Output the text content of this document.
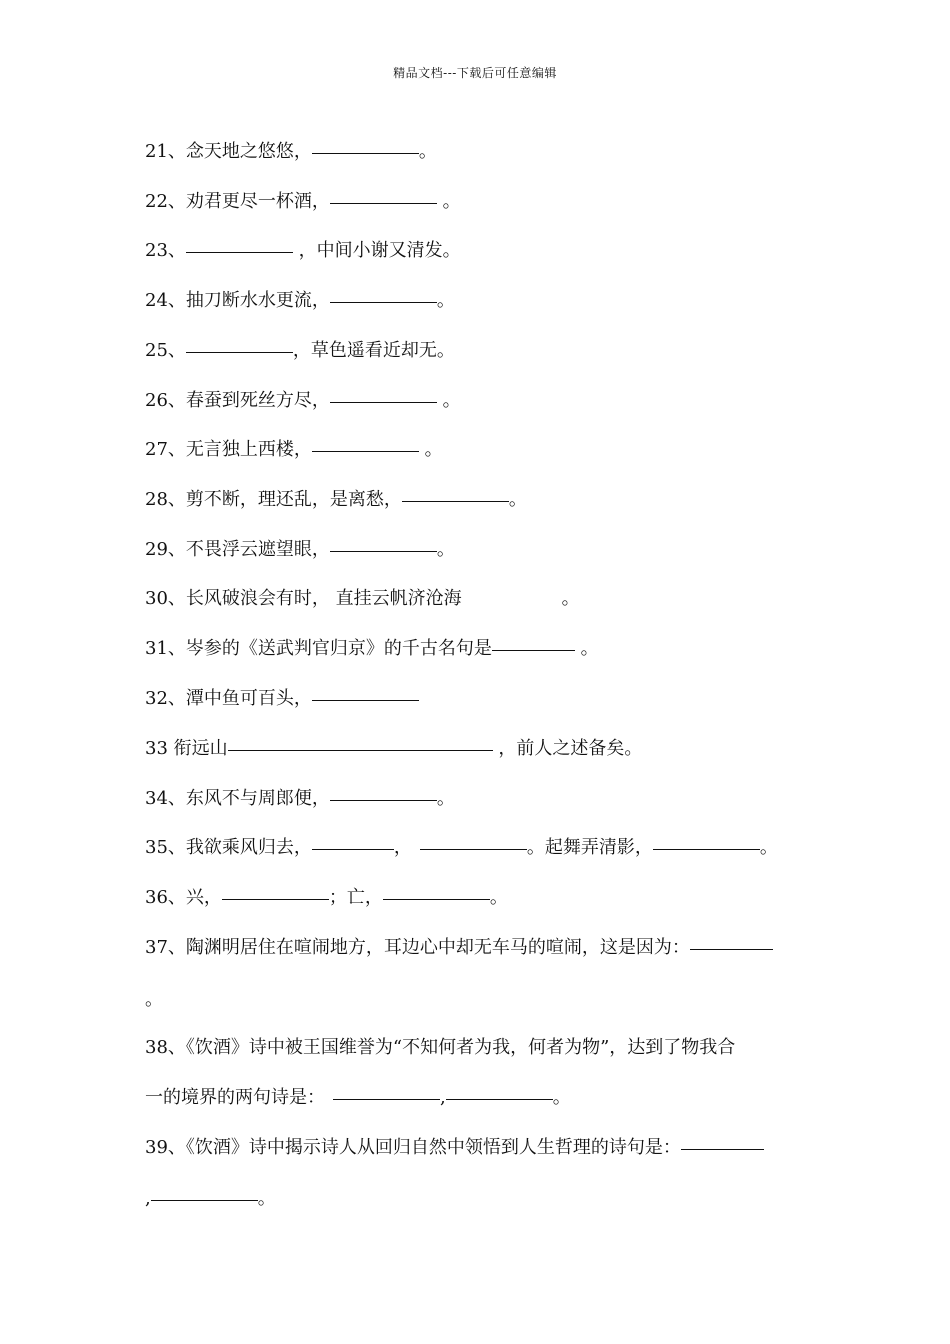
精品文档---下载后可任意编辑
21、念天地之悠悠，	。
22、劝君更尽一杯酒，	。
23、	，中间小谢又清发。
24、抽刀断水水更流，	。
25、	，草色遥看近却无。
26、春蚕到死丝方尽，	。
27、无言独上西楼，	。
28、剪不断，理还乱，是离愁，	。
29、不畏浮云遮望眼，	。
30、长风破浪会有时， 直挂云帆济沧海	。
31、岑参的《送武判官归京》的千古名句是	。
32、潭中鱼可百头，
33 衔远山	，前人之述备矣。
34、东风不与周郎便，	。
35、我欲乘风归去，	，	。起舞弄清影，	。
36、兴，	；亡，	。
37、陶渊明居住在喧闹地方，耳边心中却无车马的喧闹，这是因为：
。
38、《饮酒》诗中被王国维誉为“不知何者为我，何者为物”，达到了物我合
一的境界的两句诗是：	,	。
39、《饮酒》诗中揭示诗人从回归自然中领悟到人生哲理的诗句是：
,	。
